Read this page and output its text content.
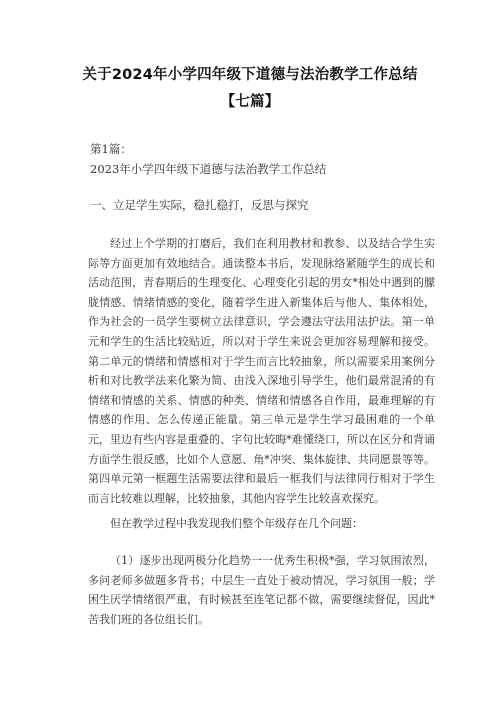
关于2024年小学四年级下道德与法治教学工作总结
【七篇】
第1篇：
2023年小学四年级下道德与法治教学工作总结
一、立足学生实际，稳扎稳打，反思与探究
经过上个学期的打磨后，我们在利用教材和教参、以及结合学生实际等方面更加有效地结合。通读整本书后，发现脉络紧随学生的成长和活动范围，青春期后的生理变化、心理变化引起的男女*相处中遇到的朦胧情感、情绪情感的变化，随着学生进入新集体后与他人、集体相处，作为社会的一员学生要树立法律意识，学会遵法守法用法护法。第一单元和学生的生活比较贴近，所以对于学生来说会更加容易理解和接受。第二单元的情绪和情感相对于学生而言比较抽象，所以需要采用案例分析和对比教学法来化繁为简、由浅入深地引导学生，他们最常混淆的有情绪和情感的关系、情感的种类、情绪和情感各自作用，最难理解的有情感的作用、怎么传递正能量。第三单元是学生学习最困难的一个单元，里边有些内容是重叠的、字句比较晦*难懂绕口，所以在区分和背诵方面学生很反感，比如个人意愿、角*冲突、集体旋律、共同愿景等等。第四单元第一框题生活需要法律和最后一框我们与法律同行相对于学生而言比较难以理解，比较抽象，其他内容学生比较喜欢探究。
但在教学过程中我发现我们整个年级存在几个问题：
（1）逐步出现两极分化趋势一一优秀生积极*强，学习氛围浓烈，多问老师多做题多背书；中层生一直处于被动情况，学习氛围一般；学困生厌学情绪很严重，有时候甚至连笔记都不做，需要继续督促，因此*苦我们班的各位组长们。
